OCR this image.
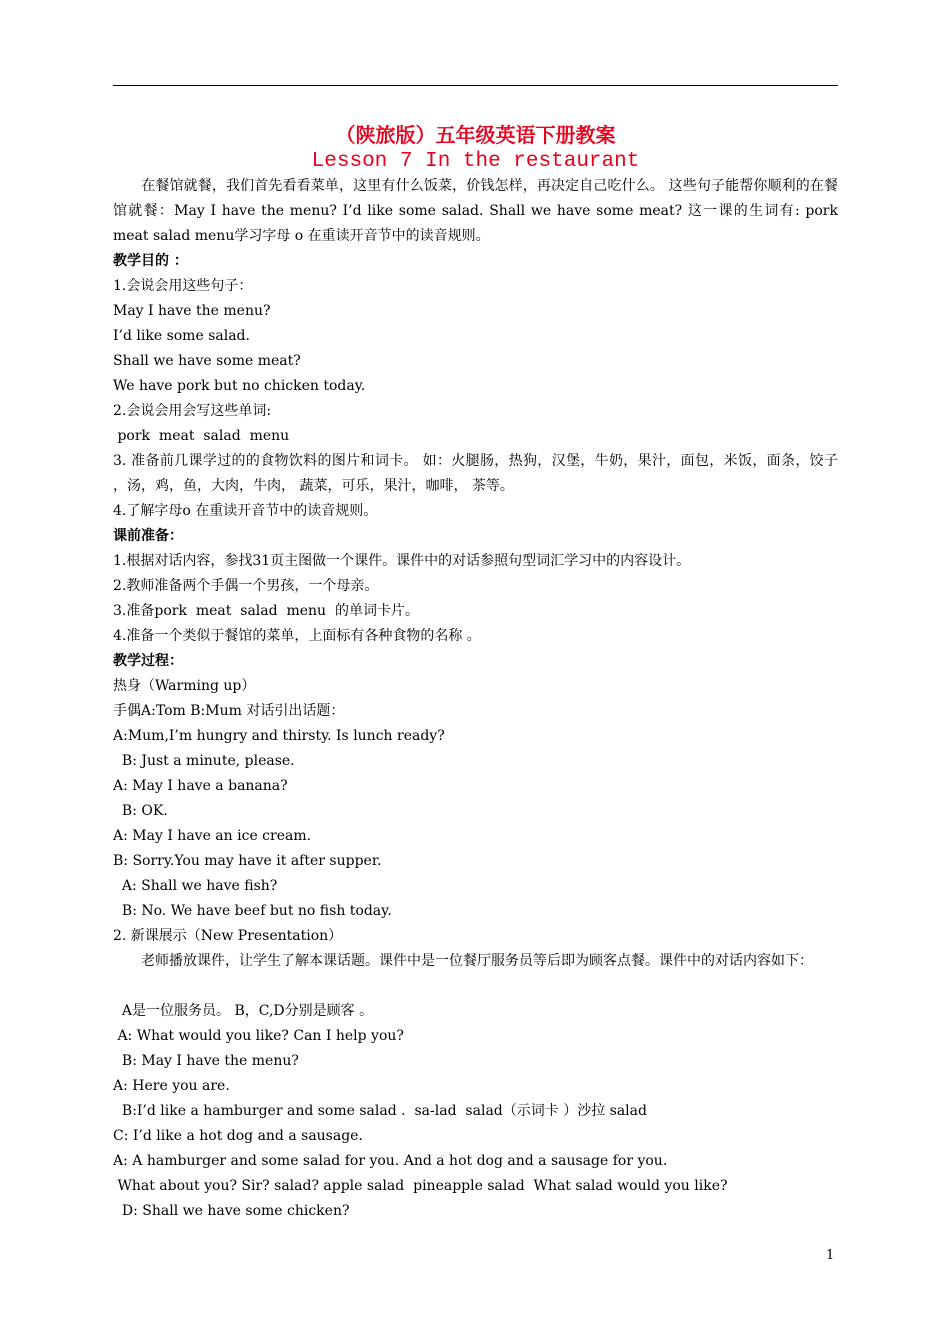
（陕旅版）五年级英语下册教案
Lesson 7 In the restaurant
　　在餐馆就餐，我们首先看看菜单，这里有什么饭菜，价钱怎样，再决定自己吃什么。 这些句子能帮你顺利的在餐馆就餐：May I have the menu? I’d like some salad. Shall we have some meat? 这一课的生词有: pork meat salad menu学习字母 o 在重读开音节中的读音规则。
教学目的 ：
1.会说会用这些句子：
May I have the menu?
I’d like some salad.
Shall we have some meat?
We have pork but no chicken today.
2.会说会用会写这些单词:
pork  meat  salad  menu
3. 准备前几课学过的的食物饮料的图片和词卡。 如：火腿肠，热狗，汉堡，牛奶，果汁，面包，米饭，面条，饺子 ，汤，鸡，鱼，大肉，牛肉， 蔬菜，可乐，果汁，咖啡， 茶等。
4.了解字母o 在重读开音节中的读音规则。
课前准备：
1.根据对话内容，参找31页主图做一个课件。课件中的对话参照句型词汇学习中的内容设计。
2.教师准备两个手偶一个男孩，一个母亲。
3.准备pork  meat  salad  menu  的单词卡片。
4.准备一个类似于餐馆的菜单，上面标有各种食物的名称 。
教学过程：
热身（Warming up）
手偶A:Tom B:Mum 对话引出话题：
A:Mum,I’m hungry and thirsty. Is lunch ready?
B: Just a minute, please.
A: May I have a banana?
B: OK.
A: May I have an ice cream.
B: Sorry.You may have it after supper.
A: Shall we have fish?
B: No. We have beef but no fish today.
2. 新课展示（New Presentation）
　　老师播放课件，让学生了解本课话题。课件中是一位餐厅服务员等后即为顾客点餐。课件中的对话内容如下：
A是一位服务员。 B，C,D分别是顾客 。
A: What would you like? Can I help you?
B: May I have the menu?
A: Here you are.
B:I’d like a hamburger and some salad .  sa-lad  salad（示词卡 ）沙拉 salad
C: I’d like a hot dog and a sausage.
A: A hamburger and some salad for you. And a hot dog and a sausage for you.
What about you? Sir? salad? apple salad  pineapple salad  What salad would you like?
D: Shall we have some chicken?
1
